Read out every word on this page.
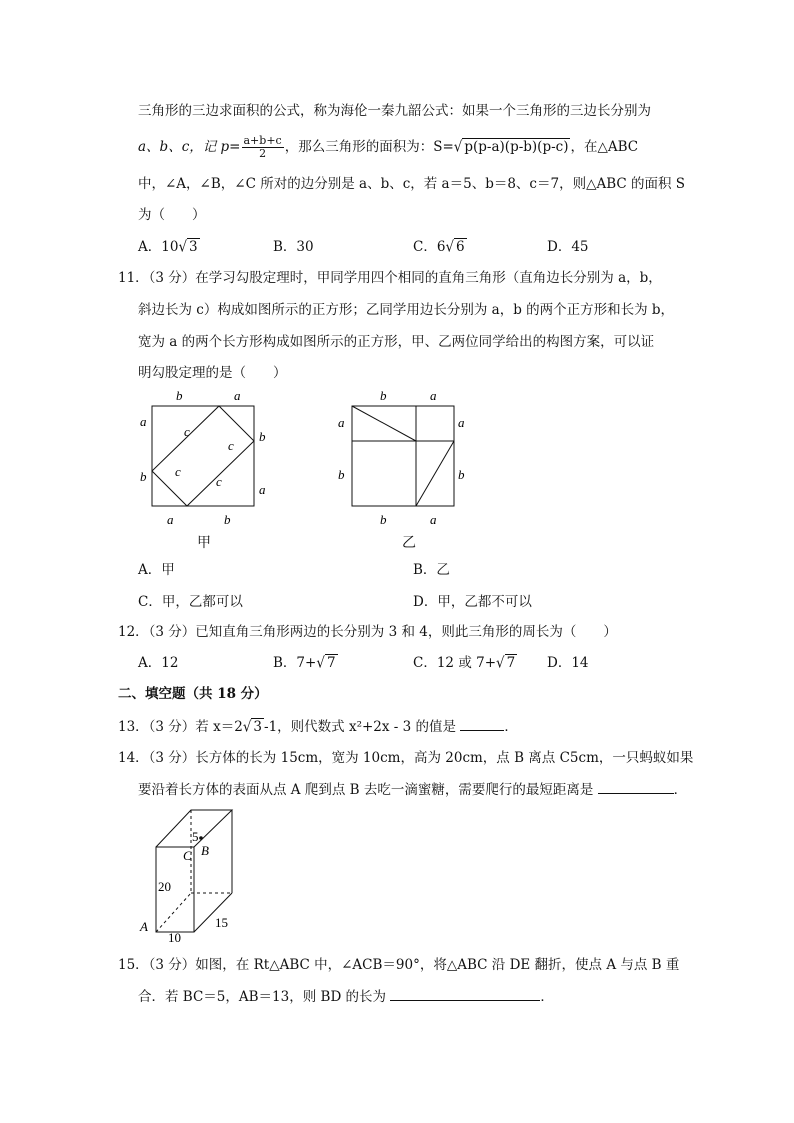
三角形的三边求面积的公式，称为海伦一秦九韶公式：如果一个三角形的三边长分别为
a、b、c，记 $p= \frac{a+b+c}{2}$ ，那么三角形的面积为：S=√ p(p-a)(p-b)(p-c) ，在△ABC
中，∠A，∠B，∠C 所对的边分别是 a、b、c，若 a＝5、b＝8、c＝7，则△ABC 的面积 S
为（　　）
A．10√ 3	B．30	C．6√ 6	D．45
11．（3 分）在学习勾股定理时，甲同学用四个相同的直角三角形（直角边长分别为 a，b，
斜边长为 c）构成如图所示的正方形；乙同学用边长分别为 a，b 的两个正方形和长为 b，
宽为 a 的两个长方形构成如图所示的正方形，甲、乙两位同学给出的构图方案，可以证
明勾股定理的是（　　）
b	a
a
b
b
a
a	b
c
c
c
c
甲
b	a
a
b
a
b
b	a
乙
A．甲	B．乙
C．甲，乙都可以	D．甲，乙都不可以
12．（3 分）已知直角三角形两边的长分别为 3 和 4，则此三角形的周长为（　　）
A．12	B．7+√ 7	C．12 或 7+√ 7 D．14
二、填空题（共 18 分）
13．（3 分）若 x＝2√ 3 -1，则代数式 x²+2x - 3 的值是	．
14．（3 分）长方体的长为 15cm，宽为 10cm，高为 20cm，点 B 离点 C5cm，一只蚂蚁如果
要沿着长方体的表面从点 A 爬到点 B 去吃一滴蜜糖，需要爬行的最短距离是	．
5
C B
20
A
10
15
15．（3 分）如图，在 Rt△ABC 中，∠ACB＝90°，将△ABC 沿 DE 翻折，使点 A 与点 B 重
合．若 BC＝5，AB＝13，则 BD 的长为	．
